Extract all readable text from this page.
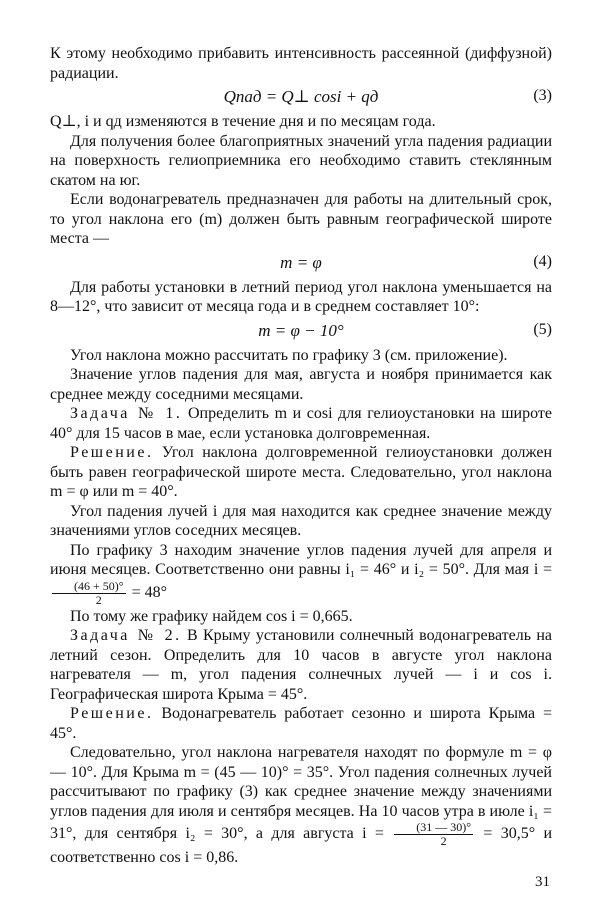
К этому необходимо прибавить интенсивность рассеянной (диффузной) радиации.

Qпад = Q⊥ cosi + qд	(3)

Q⊥, i и qд изменяются в течение дня и по месяцам года.

Для получения более благоприятных значений угла падения радиации на поверхность гелиоприемника его необходимо ставить стеклянным скатом на юг.

Если водонагреватель предназначен для работы на длительный срок, то угол наклона его (m) должен быть равным географической широте места —

m = φ	(4)

Для работы установки в летний период угол наклона уменьшается на 8—12°, что зависит от месяца года и в среднем составляет 10°:

m = φ − 10°	(5)

Угол наклона можно рассчитать по графику 3 (см. приложение).

Значение углов падения для мая, августа и ноября принимается как среднее между соседними месяцами.

Задача № 1. Определить m и cosi для гелиоустановки на широте 40° для 15 часов в мае, если установка долговременная.

Решение. Угол наклона долговременной гелиоустановки должен быть равен географической широте места. Следовательно, угол наклона m = φ или m = 40°.

Угол падения лучей i для мая находится как среднее значение между значениями углов соседних месяцев.

По графику 3 находим значение углов падения лучей для апреля и июня месяцев. Соответственно они равны i₁ = 46° и i₂ = 50°. Для мая i =
$\frac{(46 + 50)^\circ}{2} = 48^\circ$

По тому же графику найдем cos i = 0,665.

Задача № 2. В Крыму установили солнечный водонагреватель на летний сезон. Определить для 10 часов в августе угол наклона нагревателя — m, угол падения солнечных лучей — i и cos i. Географическая широта Крыма = 45°.

Решение. Водонагреватель работает сезонно и широта Крыма = 45°.

Следовательно, угол наклона нагревателя находят по формуле m = φ — 10°. Для Крыма m = (45 — 10)° = 35°. Угол падения солнечных лучей рассчитывают по графику (3) как среднее значение между значениями углов падения для июля и сентября месяцев. На 10 часов утра в июле i₁ = 31°, для сентября i₂ = 30°, а для августа $i = \frac{(31 — 30)^\circ}{2} = 30,5^\circ$ и соответственно cos i = 0,86.

31
